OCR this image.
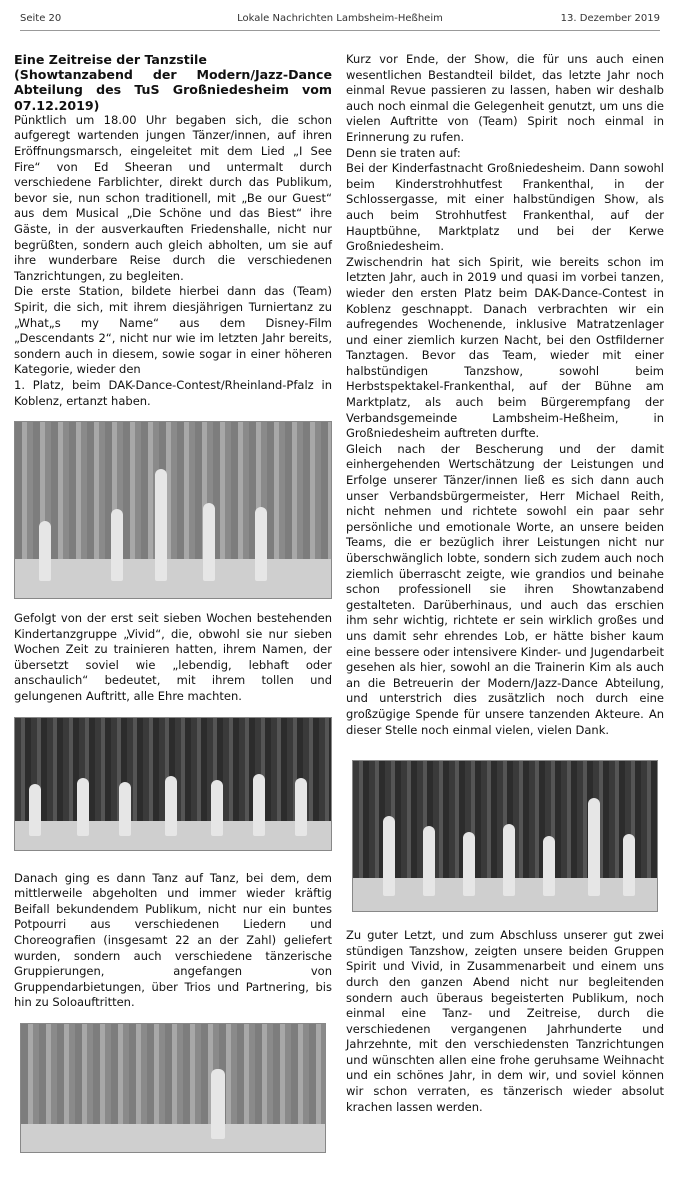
Seite 20	Lokale Nachrichten Lambsheim-Heßheim	13. Dezember 2019

Eine Zeitreise der Tanzstile

(Showtanzabend der Modern/Jazz-Dance Abteilung des TuS Großniedesheim vom 07.12.2019)

Pünktlich um 18.00 Uhr begaben sich, die schon aufgeregt wartenden jungen Tänzer/innen, auf ihren Eröffnungsmarsch, eingeleitet mit dem Lied „I See Fire“ von Ed Sheeran und untermalt durch verschiedene Farblichter, direkt durch das Publikum, bevor sie, nun schon traditionell, mit „Be our Guest“ aus dem Musical „Die Schöne und das Biest“ ihre Gäste, in der ausverkauften Friedenshalle, nicht nur begrüßten, sondern auch gleich abholten, um sie auf ihre wunderbare Reise durch die verschiedenen Tanzrichtungen, zu begleiten.

Die erste Station, bildete hierbei dann das (Team) Spirit, die sich, mit ihrem diesjährigen Turniertanz zu „What„s my Name“ aus dem Disney-Film „Descendants 2“, nicht nur wie im letzten Jahr bereits, sondern auch in diesem, sowie sogar in einer höheren Kategorie, wieder den

1. Platz, beim DAK-Dance-Contest/Rheinland-Pfalz in Koblenz, ertanzt haben.

Gefolgt von der erst seit sieben Wochen bestehenden Kindertanzgruppe „Vivid“, die, obwohl sie nur sieben Wochen Zeit zu trainieren hatten, ihrem Namen, der übersetzt soviel wie „lebendig, lebhaft oder anschaulich“ bedeutet, mit ihrem tollen und gelungenen Auftritt, alle Ehre machten.

Danach ging es dann Tanz auf Tanz, bei dem, dem mittlerweile abgeholten und immer wieder kräftig Beifall bekundendem Publikum, nicht nur ein buntes Potpourri aus verschiedenen Liedern und Choreografien (insgesamt 22 an der Zahl) geliefert wurden, sondern auch verschiedene tänzerische Gruppierungen, angefangen von Gruppendarbietungen, über Trios und Partnering, bis hin zu Soloauftritten.

Kurz vor Ende, der Show, die für uns auch einen wesentlichen Bestandteil bildet, das letzte Jahr noch einmal Revue passieren zu lassen, haben wir deshalb auch noch einmal die Gelegenheit genutzt, um uns die vielen Auftritte von (Team) Spirit noch einmal in Erinnerung zu rufen.

Denn sie traten auf:

Bei der Kinderfastnacht Großniedesheim. Dann sowohl beim Kinderstrohhutfest Frankenthal, in der Schlossergasse, mit einer halbstündigen Show, als auch beim Strohhutfest Frankenthal, auf der Hauptbühne, Marktplatz und bei der Kerwe Großniedesheim.

Zwischendrin hat sich Spirit, wie bereits schon im letzten Jahr, auch in 2019 und quasi im vorbei tanzen, wieder den ersten Platz beim DAK-Dance-Contest in Koblenz geschnappt. Danach verbrachten wir ein aufregendes Wochenende, inklusive Matratzenlager und einer ziemlich kurzen Nacht, bei den Ostfilderner Tanztagen. Bevor das Team, wieder mit einer halbstündigen Tanzshow, sowohl beim Herbstspektakel-Frankenthal, auf der Bühne am Marktplatz, als auch beim Bürgerempfang der Verbandsgemeinde Lambsheim-Heßheim, in Großniedesheim auftreten durfte.

Gleich nach der Bescherung und der damit einhergehenden Wertschätzung der Leistungen und Erfolge unserer Tänzer/innen ließ es sich dann auch unser Verbandsbürgermeister, Herr Michael Reith, nicht nehmen und richtete sowohl ein paar sehr persönliche und emotionale Worte, an unsere beiden Teams, die er bezüglich ihrer Leistungen nicht nur überschwänglich lobte, sondern sich zudem auch noch ziemlich überrascht zeigte, wie grandios und beinahe schon professionell sie ihren Showtanzabend gestalteten. Darüberhinaus, und auch das erschien ihm sehr wichtig, richtete er sein wirklich großes und uns damit sehr ehrendes Lob, er hätte bisher kaum eine bessere oder intensivere Kinder- und Jugendarbeit gesehen als hier, sowohl an die Trainerin Kim als auch an die Betreuerin der Modern/Jazz-Dance Abteilung, und unterstrich dies zusätzlich noch durch eine großzügige Spende für unsere tanzenden Akteure. An dieser Stelle noch einmal vielen, vielen Dank.

Zu guter Letzt, und zum Abschluss unserer gut zwei stündigen Tanzshow, zeigten unsere beiden Gruppen Spirit und Vivid, in Zusammenarbeit und einem uns durch den ganzen Abend nicht nur begleitenden sondern auch überaus begeisterten Publikum, noch einmal eine Tanz- und Zeitreise, durch die verschiedenen vergangenen Jahrhunderte und Jahrzehnte, mit den verschiedensten Tanzrichtungen und wünschten allen eine frohe geruhsame Weihnacht und ein schönes Jahr, in dem wir, und soviel können wir schon verraten, es tänzerisch wieder absolut krachen lassen werden.
